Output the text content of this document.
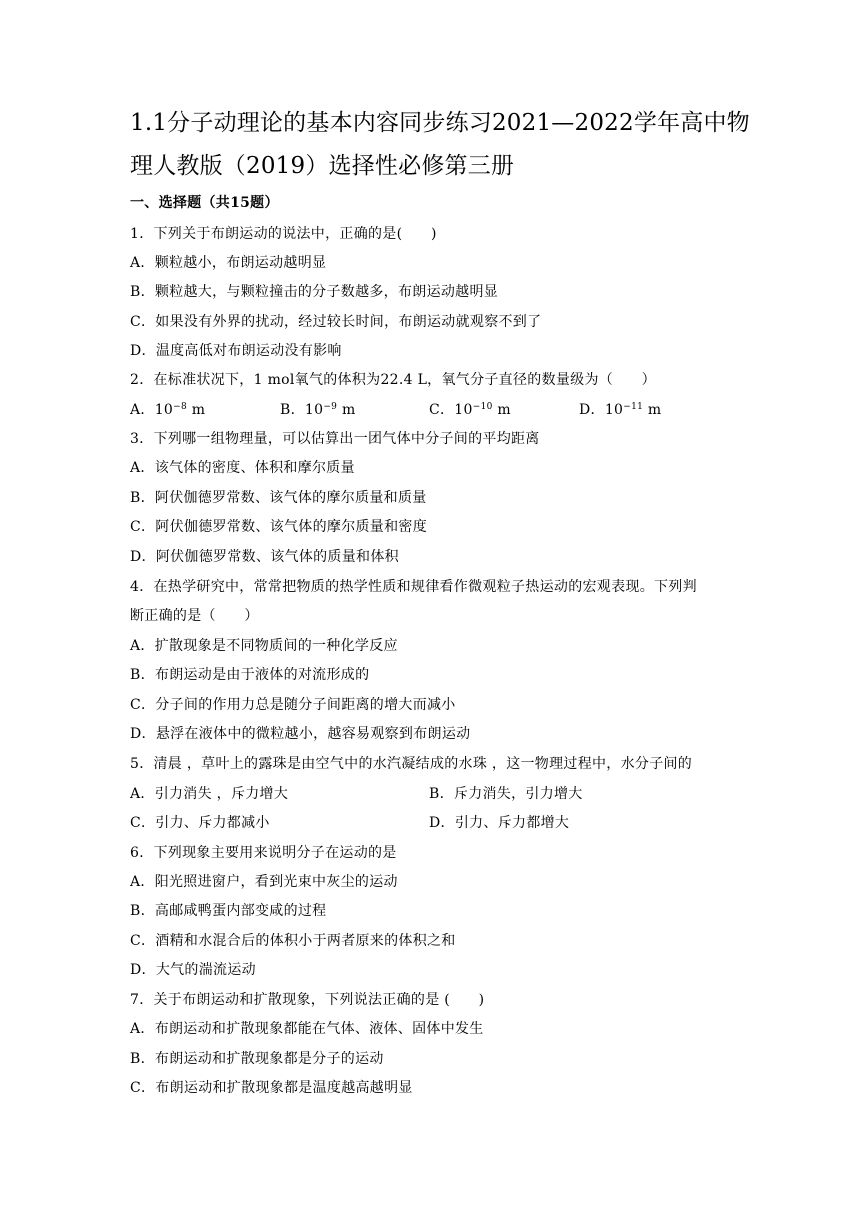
1.1分子动理论的基本内容同步练习2021—2022学年高中物
理人教版（2019）选择性必修第三册
一、选择题（共15题）
1．下列关于布朗运动的说法中，正确的是(　　)
A．颗粒越小，布朗运动越明显
B．颗粒越大，与颗粒撞击的分子数越多，布朗运动越明显
C．如果没有外界的扰动，经过较长时间，布朗运动就观察不到了
D．温度高低对布朗运动没有影响
2．在标准状况下，1 mol氧气的体积为22.4 L，氧气分子直径的数量级为（　　）
A．$10^{-8}$ m	B．$10^{-9}$ m	C．$10^{-10}$ m	D．$10^{-11}$ m
3．下列哪一组物理量，可以估算出一团气体中分子间的平均距离
A．该气体的密度、体积和摩尔质量
B．阿伏伽德罗常数、该气体的摩尔质量和质量
C．阿伏伽德罗常数、该气体的摩尔质量和密度
D．阿伏伽德罗常数、该气体的质量和体积
4．在热学研究中，常常把物质的热学性质和规律看作微观粒子热运动的宏观表现。下列判
断正确的是（　　）
A．扩散现象是不同物质间的一种化学反应
B．布朗运动是由于液体的对流形成的
C．分子间的作用力总是随分子间距离的增大而减小
D．悬浮在液体中的微粒越小，越容易观察到布朗运动
5．清晨 ，草叶上的露珠是由空气中的水汽凝结成的水珠 ，这一物理过程中，水分子间的
A．引力消失 ，斥力增大	B．斥力消失，引力增大
C．引力、斥力都减小	D．引力、斥力都增大
6．下列现象主要用来说明分子在运动的是
A．阳光照进窗户，看到光束中灰尘的运动
B．高邮咸鸭蛋内部变咸的过程
C．酒精和水混合后的体积小于两者原来的体积之和
D．大气的湍流运动
7．关于布朗运动和扩散现象，下列说法正确的是 (　　)
A．布朗运动和扩散现象都能在气体、液体、固体中发生
B．布朗运动和扩散现象都是分子的运动
C．布朗运动和扩散现象都是温度越高越明显
